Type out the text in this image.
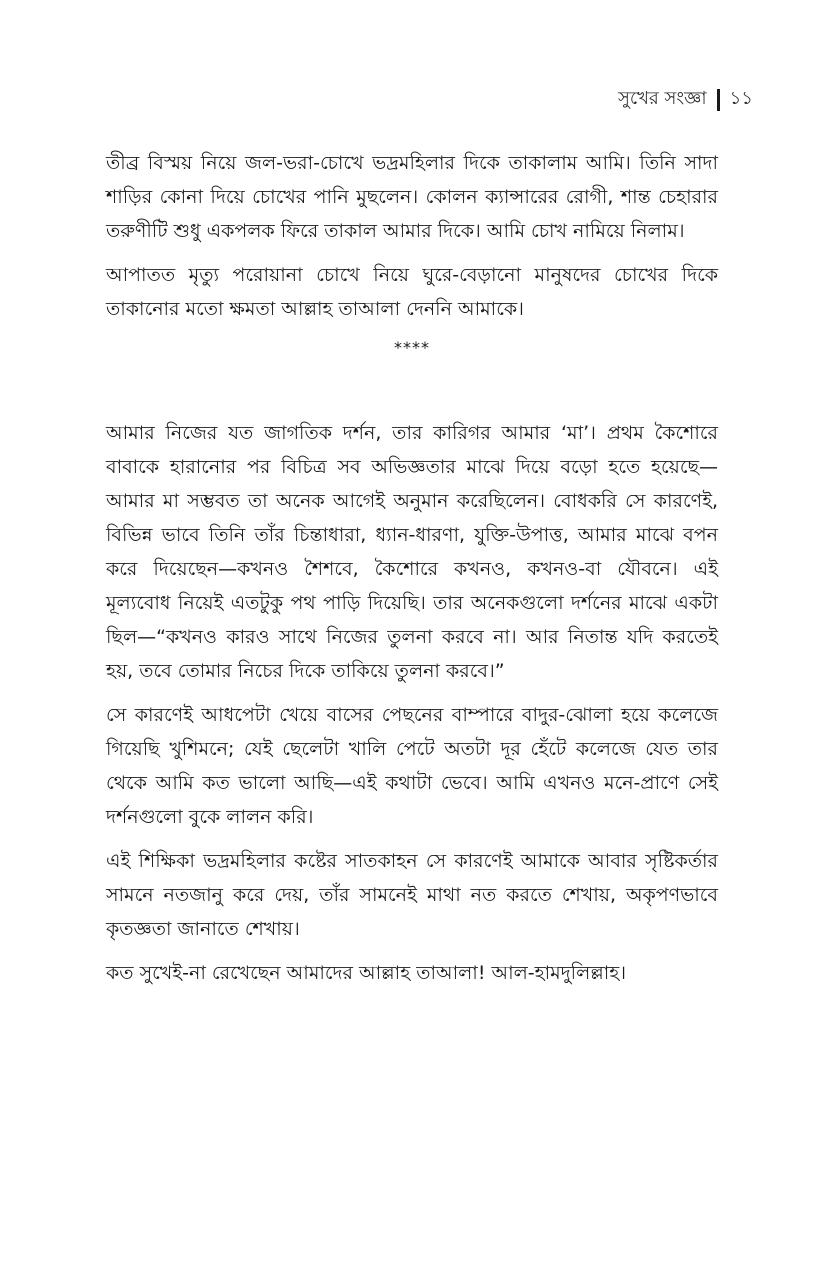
সুখের সংজ্ঞা ১১

তীব্র বিস্ময় নিয়ে জল-ভরা-চোখে ভদ্রমহিলার দিকে তাকালাম আমি। তিনি সাদা শাড়ির কোনা দিয়ে চোখের পানি মুছলেন। কোলন ক্যান্সারের রোগী, শান্ত চেহারার তরুণীটি শুধু একপলক ফিরে তাকাল আমার দিকে। আমি চোখ নামিয়ে নিলাম।

আপাতত মৃত্যু পরোয়ানা চোখে নিয়ে ঘুরে-বেড়ানো মানুষদের চোখের দিকে তাকানোর মতো ক্ষমতা আল্লাহ তাআলা দেননি আমাকে।

****

আমার নিজের যত জাগতিক দর্শন, তার কারিগর আমার ‘মা’। প্রথম কৈশোরে বাবাকে হারানোর পর বিচিত্র সব অভিজ্ঞতার মাঝে দিয়ে বড়ো হতে হয়েছে—আমার মা সম্ভবত তা অনেক আগেই অনুমান করেছিলেন। বোধকরি সে কারণেই, বিভিন্ন ভাবে তিনি তাঁর চিন্তাধারা, ধ্যান-ধারণা, যুক্তি-উপাত্ত, আমার মাঝে বপন করে দিয়েছেন—কখনও শৈশবে, কৈশোরে কখনও, কখনও-বা যৌবনে। এই মূল্যবোধ নিয়েই এতটুকু পথ পাড়ি দিয়েছি। তার অনেকগুলো দর্শনের মাঝে একটা ছিল—“কখনও কারও সাথে নিজের তুলনা করবে না। আর নিতান্ত যদি করতেই হয়, তবে তোমার নিচের দিকে তাকিয়ে তুলনা করবে।”

সে কারণেই আধপেটা খেয়ে বাসের পেছনের বাম্পারে বাদুর-ঝোলা হয়ে কলেজে গিয়েছি খুশিমনে; যেই ছেলেটা খালি পেটে অতটা দূর হেঁটে কলেজে যেত তার থেকে আমি কত ভালো আছি—এই কথাটা ভেবে। আমি এখনও মনে-প্রাণে সেই দর্শনগুলো বুকে লালন করি।

এই শিক্ষিকা ভদ্রমহিলার কষ্টের সাতকাহন সে কারণেই আমাকে আবার সৃষ্টিকর্তার সামনে নতজানু করে দেয়, তাঁর সামনেই মাথা নত করতে শেখায়, অকৃপণভাবে কৃতজ্ঞতা জানাতে শেখায়।

কত সুখেই-না রেখেছেন আমাদের আল্লাহ তাআলা! আল-হামদুলিল্লাহ।
